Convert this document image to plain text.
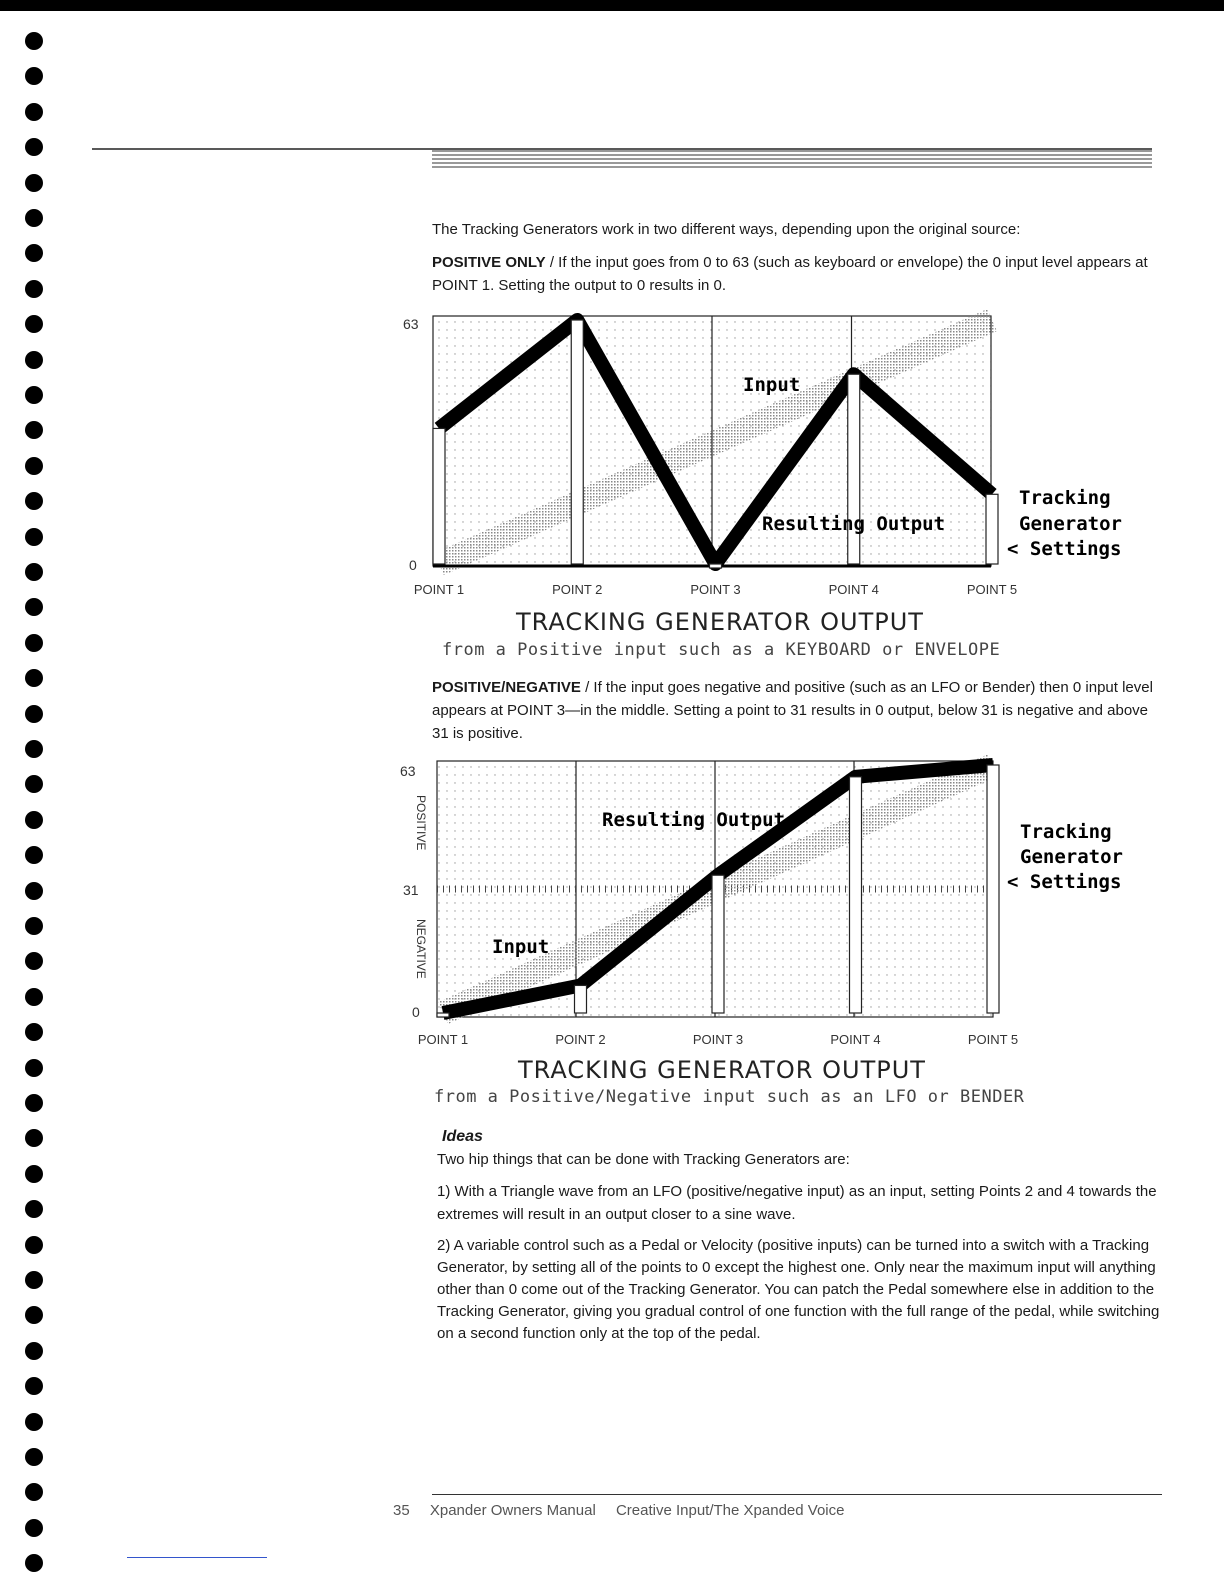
The Tracking Generators work in two different ways, depending upon the original source:

POSITIVE ONLY / If the input goes from 0 to 63 (such as keyboard or envelope) the 0 input level appears at POINT 1. Setting the output to 0 results in 0.

63
0
POINT 1	POINT 2	POINT 3	POINT 4	POINT 5
Input
Resulting Output
Tracking
Generator
< Settings
TRACKING GENERATOR OUTPUT
from a Positive input such as a KEYBOARD or ENVELOPE

POSITIVE/NEGATIVE / If the input goes negative and positive (such as an LFO or Bender) then 0 input level appears at POINT 3—in the middle. Setting a point to 31 results in 0 output, below 31 is negative and above 31 is positive.

63
31
0
POSITIVE
NEGATIVE
POINT 1	POINT 2	POINT 3	POINT 4	POINT 5
Resulting Output
Input
Tracking
Generator
< Settings
TRACKING GENERATOR OUTPUT
from a Positive/Negative input such as an LFO or BENDER

Ideas

Two hip things that can be done with Tracking Generators are:

1) With a Triangle wave from an LFO (positive/negative input) as an input, setting Points 2 and 4 towards the extremes will result in an output closer to a sine wave.

2) A variable control such as a Pedal or Velocity (positive inputs) can be turned into a switch with a Tracking Generator, by setting all of the points to 0 except the highest one. Only near the maximum input will anything other than 0 come out of the Tracking Generator. You can patch the Pedal somewhere else in addition to the Tracking Generator, giving you gradual control of one function with the full range of the pedal, while switching on a second function only at the top of the pedal.

35 Xpander Owners Manual Creative Input/The Xpanded Voice
